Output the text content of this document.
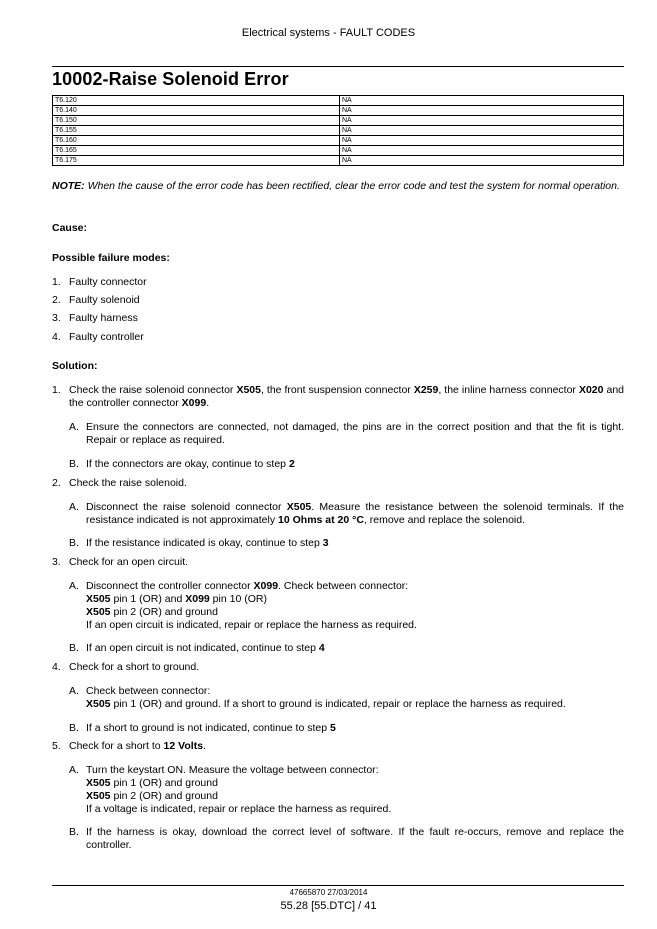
Electrical systems - FAULT CODES
10002-Raise Solenoid Error
T6.120	NA
T6.140	NA
T6.150	NA
T6.155	NA
T6.160	NA
T6.165	NA
T6.175	NA
NOTE: When the cause of the error code has been rectified, clear the error code and test the system for normal operation.
Cause:
Possible failure modes:
1. Faulty connector
2. Faulty solenoid
3. Faulty harness
4. Faulty controller
Solution:
1. Check the raise solenoid connector X505, the front suspension connector X259, the inline harness connector X020 and the controller connector X099.
A. Ensure the connectors are connected, not damaged, the pins are in the correct position and that the fit is tight. Repair or replace as required.
B. If the connectors are okay, continue to step 2
2. Check the raise solenoid.
A. Disconnect the raise solenoid connector X505. Measure the resistance between the solenoid terminals. If the resistance indicated is not approximately 10 Ohms at 20 °C, remove and replace the solenoid.
B. If the resistance indicated is okay, continue to step 3
3. Check for an open circuit.
A. Disconnect the controller connector X099. Check between connector:
X505 pin 1 (OR) and X099 pin 10 (OR)
X505 pin 2 (OR) and ground
If an open circuit is indicated, repair or replace the harness as required.
B. If an open circuit is not indicated, continue to step 4
4. Check for a short to ground.
A. Check between connector:
X505 pin 1 (OR) and ground. If a short to ground is indicated, repair or replace the harness as required.
B. If a short to ground is not indicated, continue to step 5
5. Check for a short to 12 Volts.
A. Turn the keystart ON. Measure the voltage between connector:
X505 pin 1 (OR) and ground
X505 pin 2 (OR) and ground
If a voltage is indicated, repair or replace the harness as required.
B. If the harness is okay, download the correct level of software. If the fault re-occurs, remove and replace the controller.
47665870 27/03/2014
55.28 [55.DTC] / 41
